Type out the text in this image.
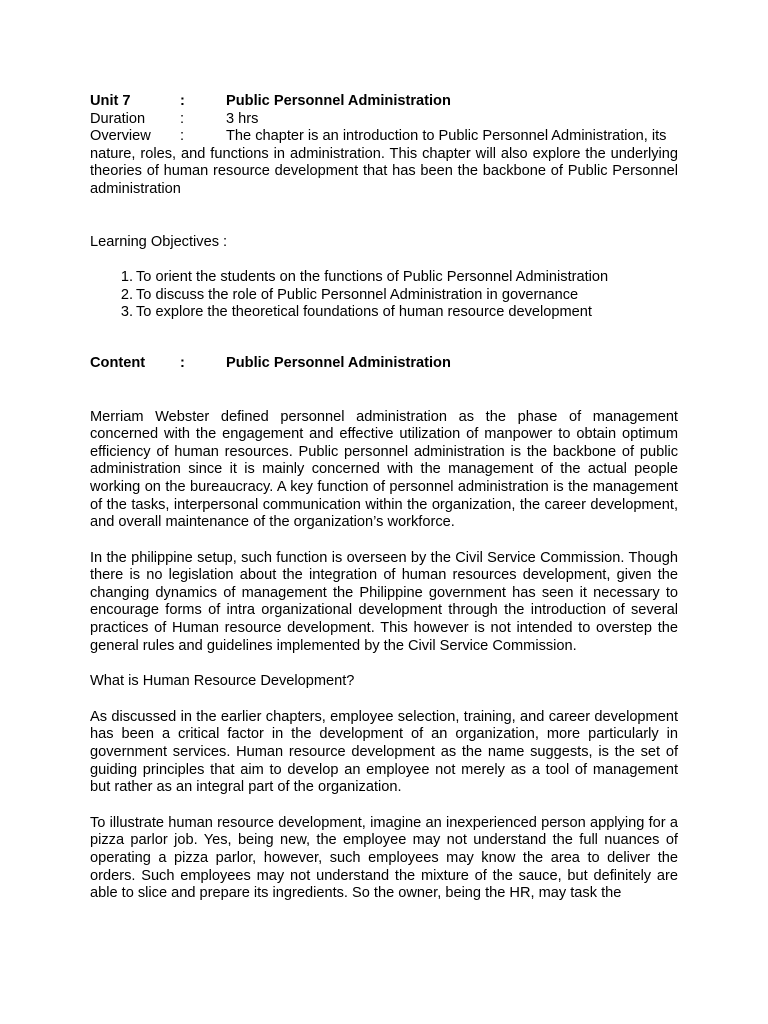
Unit 7	:	Public Personnel Administration
Duration	:	3 hrs
Overview	:	The chapter is an introduction to Public Personnel Administration, its

nature, roles, and functions in administration. This chapter will also explore the underlying theories of human resource development that has been the backbone of Public Personnel administration

Learning Objectives :
1. To orient the students on the functions of Public Personnel Administration
2. To discuss the role of Public Personnel Administration in governance
3. To explore the theoretical foundations of human resource development
Content	:	Public Personnel Administration

Merriam Webster defined personnel administration as the phase of management concerned with the engagement and effective utilization of manpower to obtain optimum efficiency of human resources. Public personnel administration is the backbone of public administration since it is mainly concerned with the management of the actual people working on the bureaucracy. A key function of personnel administration is the management of the tasks, interpersonal communication within the organization, the career development, and overall maintenance of the organization’s workforce.

In the philippine setup, such function is overseen by the Civil Service Commission. Though there is no legislation about the integration of human resources development, given the changing dynamics of management the Philippine government has seen it necessary to encourage forms of intra organizational development through the introduction of several practices of Human resource development. This however is not intended to overstep the general rules and guidelines implemented by the Civil Service Commission.

What is Human Resource Development?

As discussed in the earlier chapters, employee selection, training, and career development has been a critical factor in the development of an organization, more particularly in government services. Human resource development as the name suggests, is the set of guiding principles that aim to develop an employee not merely as a tool of management but rather as an integral part of the organization.

To illustrate human resource development, imagine an inexperienced person applying for a pizza parlor job. Yes, being new, the employee may not understand the full nuances of operating a pizza parlor, however, such employees may know the area to deliver the orders. Such employees may not understand the mixture of the sauce, but definitely are able to slice and prepare its ingredients. So the owner, being the HR, may task the
